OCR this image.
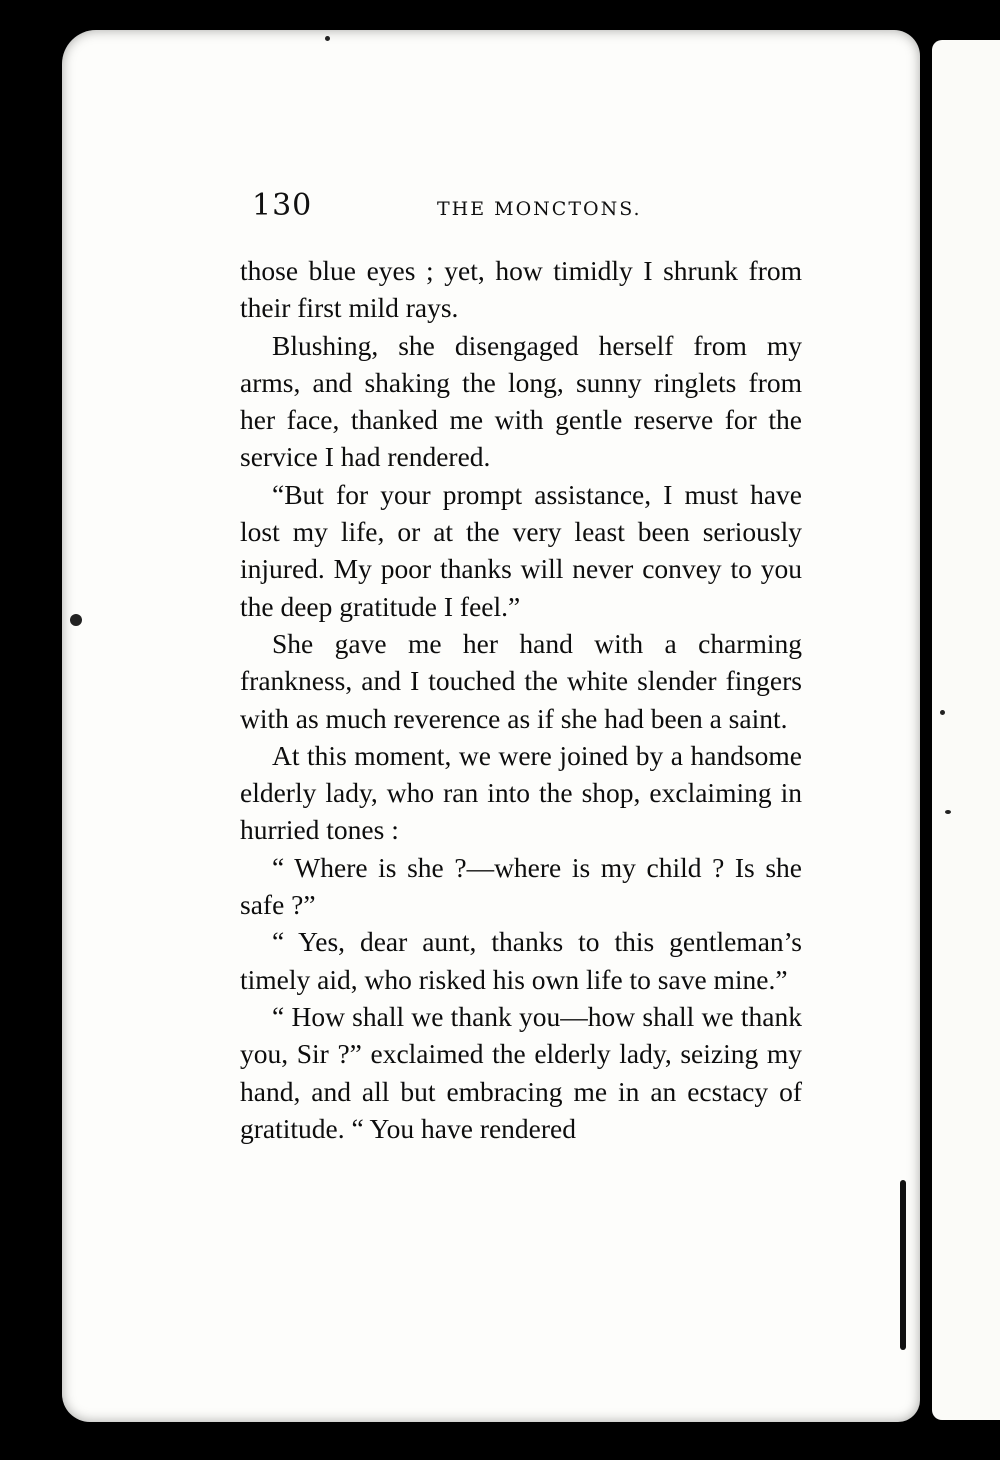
130	THE MONCTONS.

those blue eyes ; yet, how timidly I shrunk from their first mild rays.

Blushing, she disengaged herself from my arms, and shaking the long, sunny ringlets from her face, thanked me with gentle reserve for the service I had rendered.

“But for your prompt assistance, I must have lost my life, or at the very least been seriously injured. My poor thanks will never convey to you the deep gratitude I feel.”

She gave me her hand with a charming frankness, and I touched the white slender fingers with as much reverence as if she had been a saint.

At this moment, we were joined by a handsome elderly lady, who ran into the shop, exclaiming in hurried tones :

“ Where is she ?—where is my child ? Is she safe ?”

“ Yes, dear aunt, thanks to this gentleman’s timely aid, who risked his own life to save mine.”

“ How shall we thank you—how shall we thank you, Sir ?” exclaimed the elderly lady, seizing my hand, and all but embracing me in an ecstacy of gratitude. “ You have rendered
